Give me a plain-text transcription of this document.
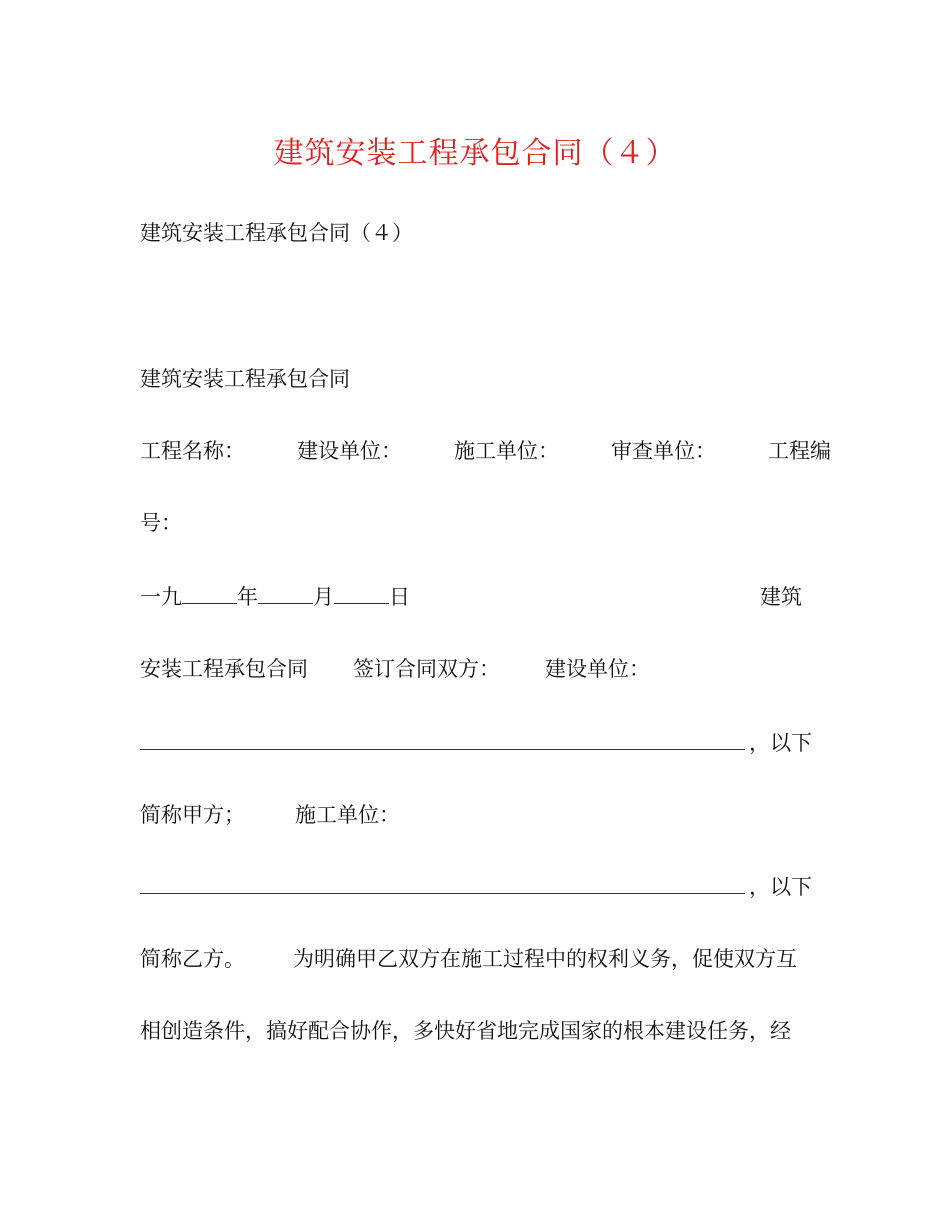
建筑安装工程承包合同（４）
建筑安装工程承包合同（４）
建筑安装工程承包合同
工程名称： 建设单位： 施工单位： 审查单位： 工程编
号：
一九	年	月	日	建筑
安装工程承包合同 签订合同双方： 建设单位：
，以下
简称甲方； 施工单位：
，以下
简称乙方。 为明确甲乙双方在施工过程中的权利义务，促使双方互
相创造条件，搞好配合协作，多快好省地完成国家的根本建设任务，经
